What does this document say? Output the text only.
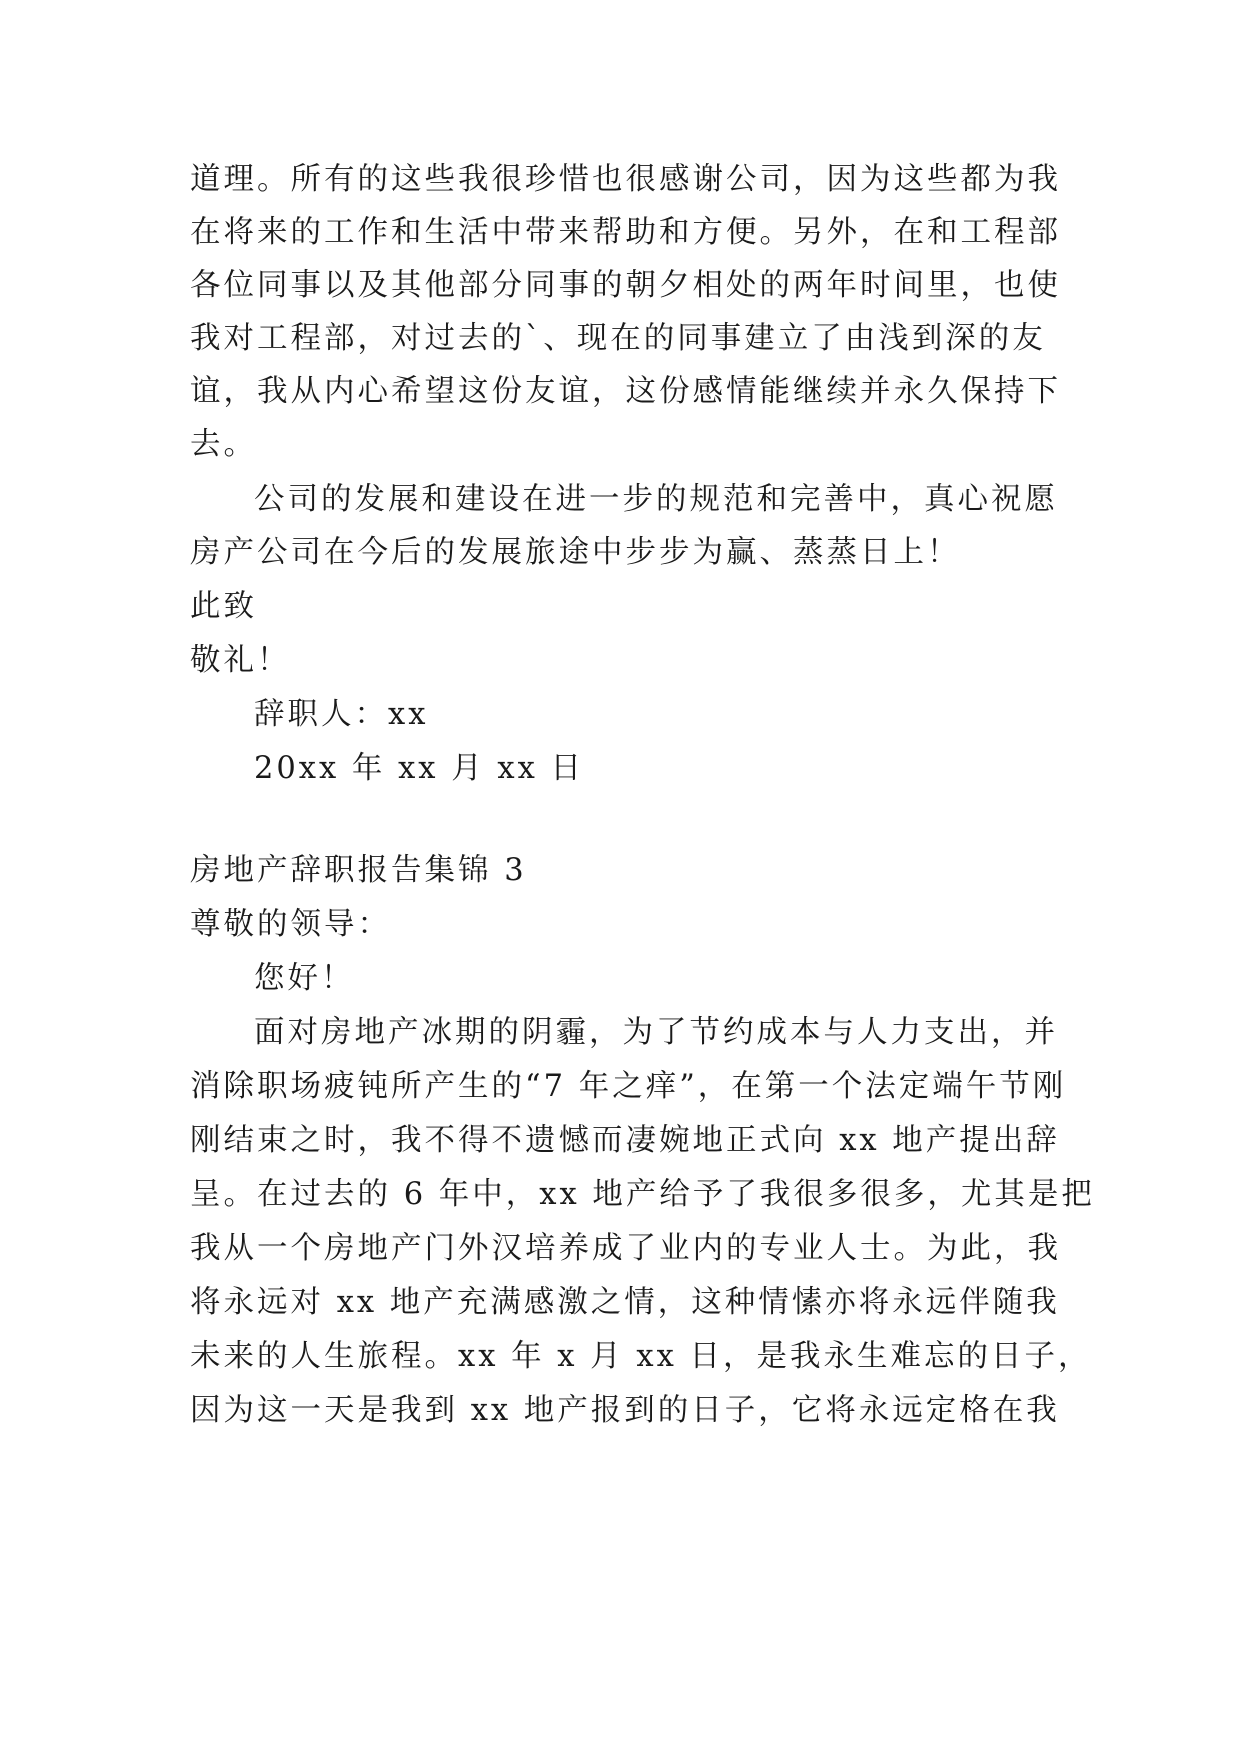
道理。所有的这些我很珍惜也很感谢公司，因为这些都为我
在将来的工作和生活中带来帮助和方便。另外，在和工程部
各位同事以及其他部分同事的朝夕相处的两年时间里，也使
我对工程部，对过去的`、现在的同事建立了由浅到深的友
谊，我从内心希望这份友谊，这份感情能继续并永久保持下
去。
公司的发展和建设在进一步的规范和完善中，真心祝愿
房产公司在今后的发展旅途中步步为赢、蒸蒸日上！
此致
敬礼！
辞职人：xx
20xx 年 xx 月 xx 日
房地产辞职报告集锦 3
尊敬的领导：
您好！
面对房地产冰期的阴霾，为了节约成本与人力支出，并
消除职场疲钝所产生的“7 年之痒”，在第一个法定端午节刚
刚结束之时，我不得不遗憾而凄婉地正式向 xx 地产提出辞
呈。在过去的 6 年中，xx 地产给予了我很多很多，尤其是把
我从一个房地产门外汉培养成了业内的专业人士。为此，我
将永远对 xx 地产充满感激之情，这种情愫亦将永远伴随我
未来的人生旅程。xx 年 x 月 xx 日，是我永生难忘的日子，
因为这一天是我到 xx 地产报到的日子，它将永远定格在我
